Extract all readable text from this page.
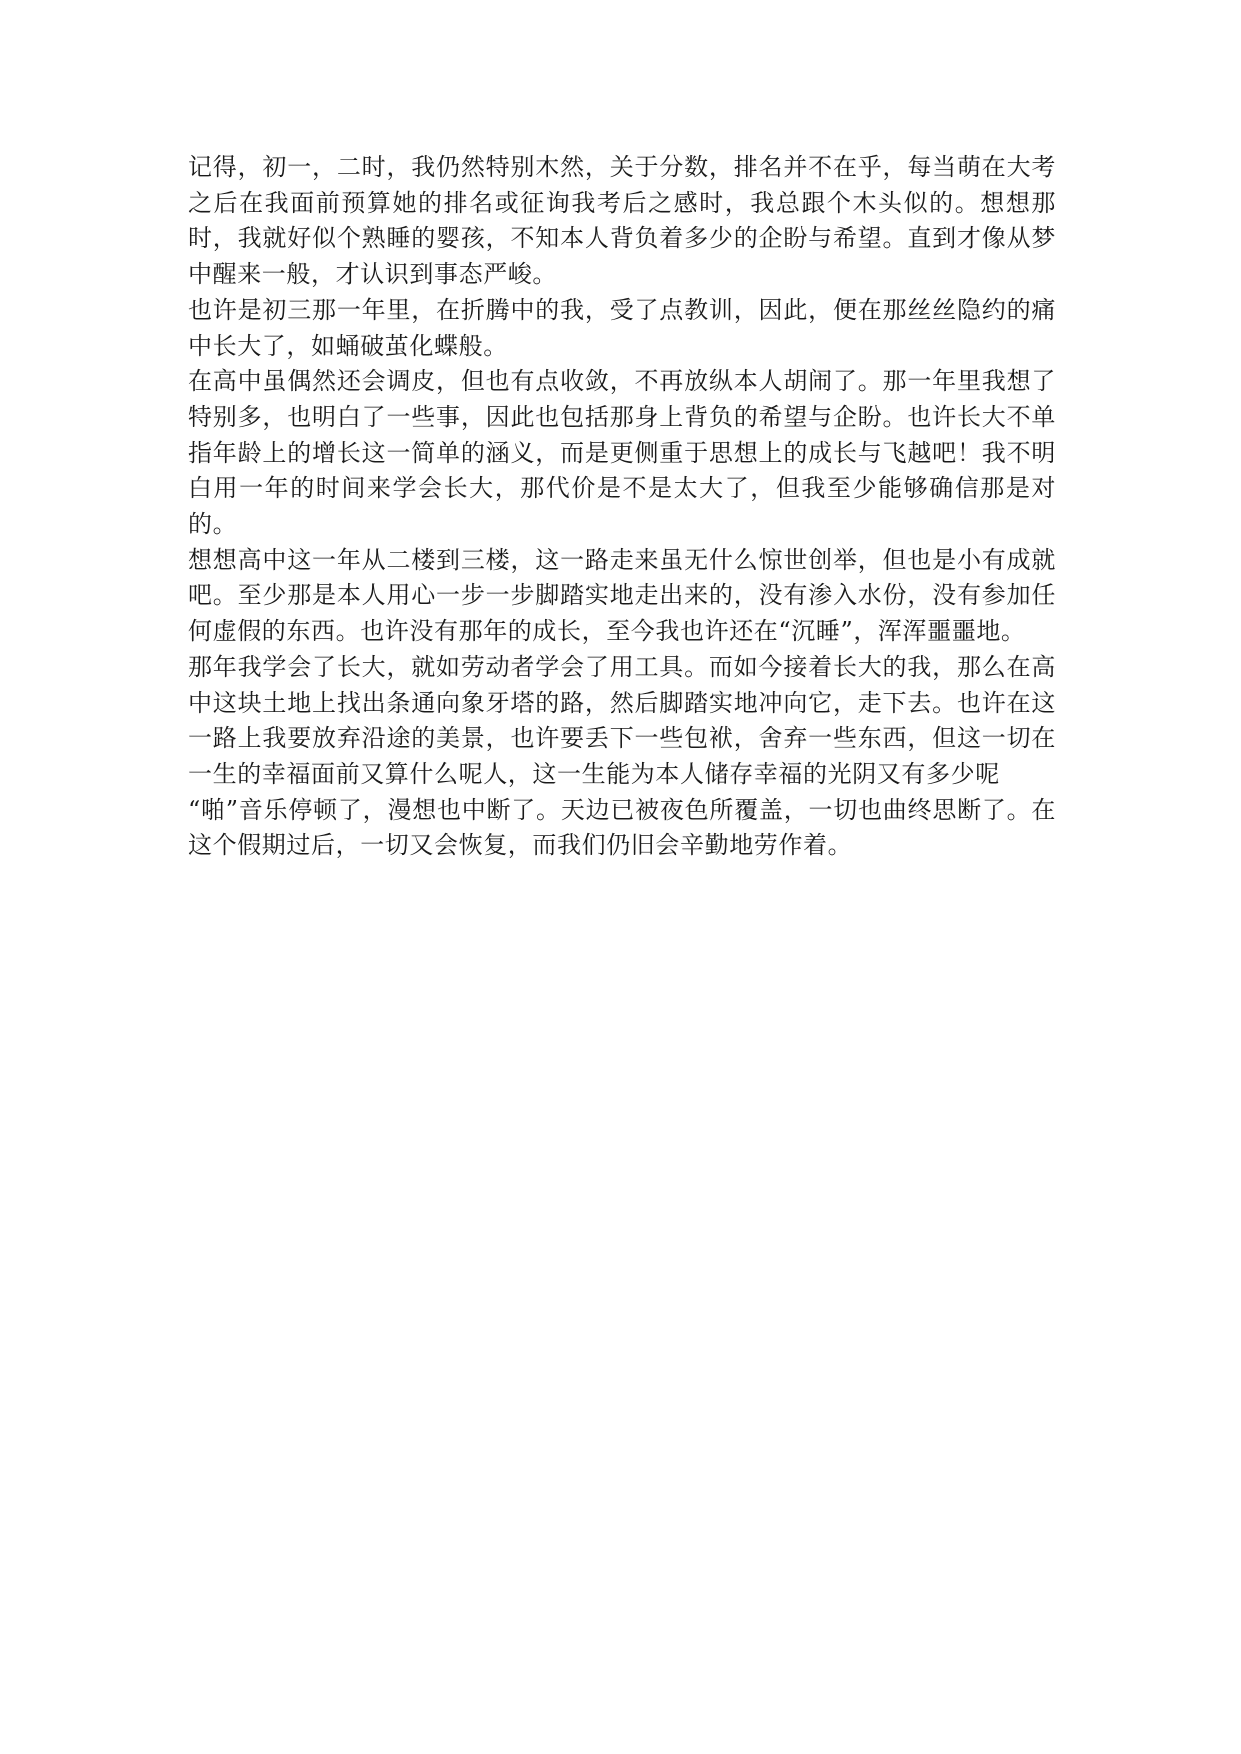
记得，初一，二时，我仍然特别木然，关于分数，排名并不在乎，每当萌在大考之后在我面前预算她的排名或征询我考后之感时，我总跟个木头似的。想想那时，我就好似个熟睡的婴孩，不知本人背负着多少的企盼与希望。直到才像从梦中醒来一般，才认识到事态严峻。

也许是初三那一年里，在折腾中的我，受了点教训，因此，便在那丝丝隐约的痛中长大了，如蛹破茧化蝶般。

在高中虽偶然还会调皮，但也有点收敛，不再放纵本人胡闹了。那一年里我想了特别多，也明白了一些事，因此也包括那身上背负的希望与企盼。也许长大不单指年龄上的增长这一简单的涵义，而是更侧重于思想上的成长与飞越吧！我不明白用一年的时间来学会长大，那代价是不是太大了，但我至少能够确信那是对的。

想想高中这一年从二楼到三楼，这一路走来虽无什么惊世创举，但也是小有成就吧。至少那是本人用心一步一步脚踏实地走出来的，没有渗入水份，没有参加任何虚假的东西。也许没有那年的成长，至今我也许还在“沉睡”，浑浑噩噩地。

那年我学会了长大，就如劳动者学会了用工具。而如今接着长大的我，那么在高中这块土地上找出条通向象牙塔的路，然后脚踏实地冲向它，走下去。也许在这一路上我要放弃沿途的美景，也许要丢下一些包袱，舍弃一些东西，但这一切在一生的幸福面前又算什么呢人，这一生能为本人储存幸福的光阴又有多少呢

“啪”音乐停顿了，漫想也中断了。天边已被夜色所覆盖，一切也曲终思断了。在这个假期过后，一切又会恢复，而我们仍旧会辛勤地劳作着。
